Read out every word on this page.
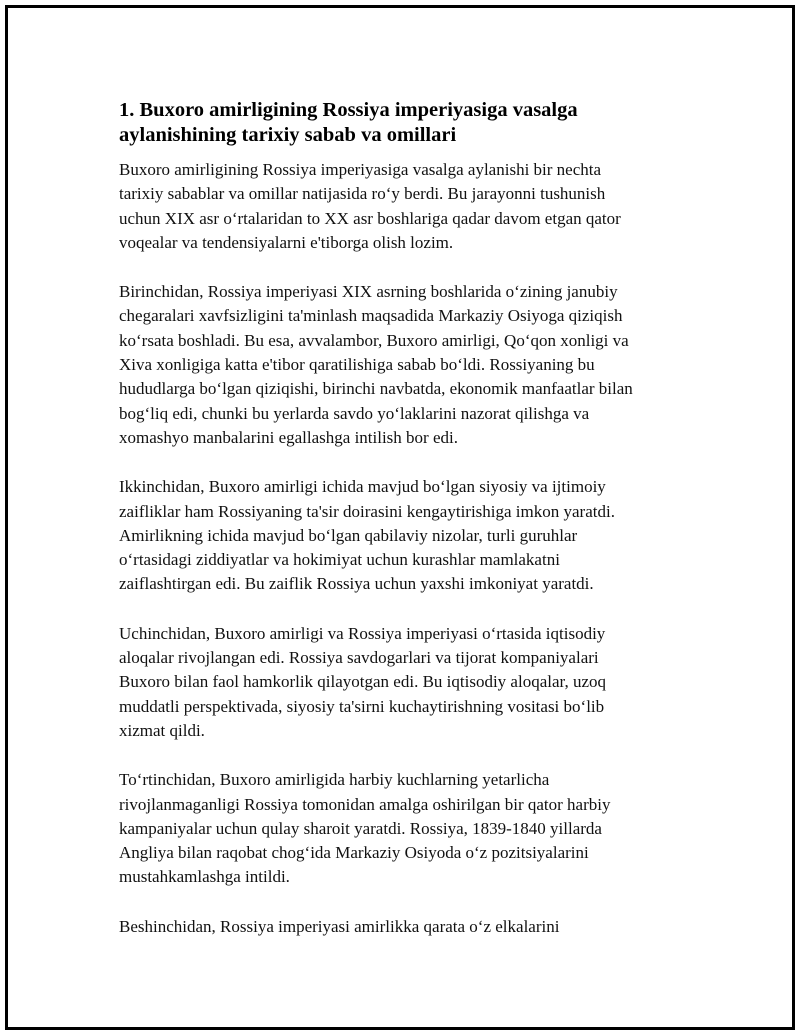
1. Buxoro amirligining Rossiya imperiyasiga vasalga
aylanishining tarixiy sabab va omillari

Buxoro amirligining Rossiya imperiyasiga vasalga aylanishi bir nechta
tarixiy sabablar va omillar natijasida ro‘y berdi. Bu jarayonni tushunish
uchun XIX asr o‘rtalaridan to XX asr boshlariga qadar davom etgan qator
voqealar va tendensiyalarni e'tiborga olish lozim.

Birinchidan, Rossiya imperiyasi XIX asrning boshlarida o‘zining janubiy
chegaralari xavfsizligini ta'minlash maqsadida Markaziy Osiyoga qiziqish
ko‘rsata boshladi. Bu esa, avvalambor, Buxoro amirligi, Qo‘qon xonligi va
Xiva xonligiga katta e'tibor qaratilishiga sabab bo‘ldi. Rossiyaning bu
hududlarga bo‘lgan qiziqishi, birinchi navbatda, ekonomik manfaatlar bilan
bog‘liq edi, chunki bu yerlarda savdo yo‘laklarini nazorat qilishga va
xomashyo manbalarini egallashga intilish bor edi.

Ikkinchidan, Buxoro amirligi ichida mavjud bo‘lgan siyosiy va ijtimoiy
zaifliklar ham Rossiyaning ta'sir doirasini kengaytirishiga imkon yaratdi.
Amirlikning ichida mavjud bo‘lgan qabilaviy nizolar, turli guruhlar
o‘rtasidagi ziddiyatlar va hokimiyat uchun kurashlar mamlakatni
zaiflashtirgan edi. Bu zaiflik Rossiya uchun yaxshi imkoniyat yaratdi.

Uchinchidan, Buxoro amirligi va Rossiya imperiyasi o‘rtasida iqtisodiy
aloqalar rivojlangan edi. Rossiya savdogarlari va tijorat kompaniyalari
Buxoro bilan faol hamkorlik qilayotgan edi. Bu iqtisodiy aloqalar, uzoq
muddatli perspektivada, siyosiy ta'sirni kuchaytirishning vositasi bo‘lib
xizmat qildi.

To‘rtinchidan, Buxoro amirligida harbiy kuchlarning yetarlicha
rivojlanmaganligi Rossiya tomonidan amalga oshirilgan bir qator harbiy
kampaniyalar uchun qulay sharoit yaratdi. Rossiya, 1839-1840 yillarda
Angliya bilan raqobat chog‘ida Markaziy Osiyoda o‘z pozitsiyalarini
mustahkamlashga intildi.

Beshinchidan, Rossiya imperiyasi amirlikka qarata o‘z elkalarini
